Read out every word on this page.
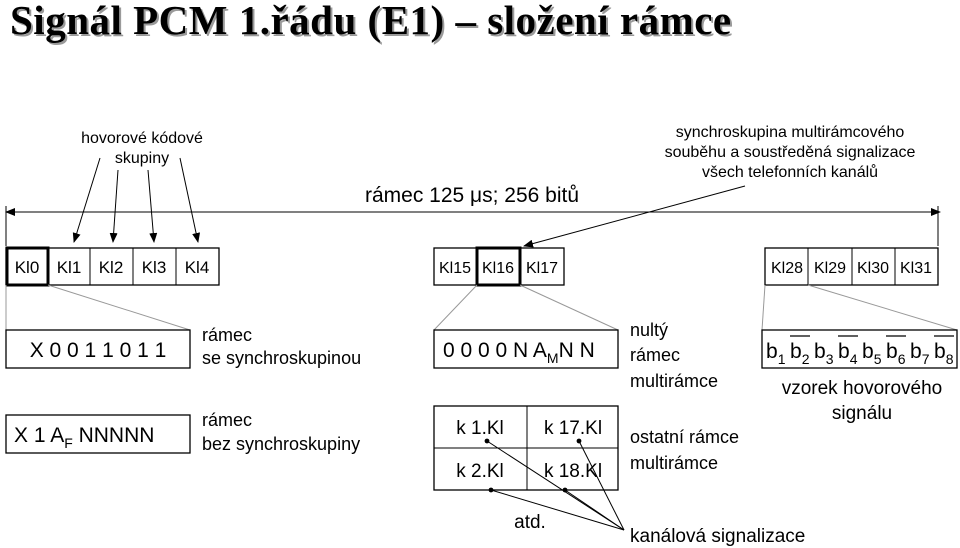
Signál PCM 1.řádu (E1) – složení rámce
hovorové kódové
skupiny
synchroskupina multirámcového
souběhu a soustředěná signalizace
všech telefonních kanálů
rámec 125 μs; 256 bitů
Kl0 Kl1 Kl2 Kl3 Kl4	Kl15 Kl16 Kl17	Kl28 Kl29 Kl30 Kl31
X 0 0 1 1 0 1 1
rámec
se synchroskupinou
X 1 $A_F$ NNNNN
rámec
bez synchroskupiny
0 0 0 0 N $A_MN$ N
nultý
rámec
multirámce
k 1.Kl k 17.Kl
k 2.Kl k 18.Kl
ostatní rámce
multirámce
atd.
kanálová signalizace
$b_1$ $b_2$ $b_3$ $b_4$ $b_5$ $b_6$ $b_7$ $b_8$
vzorek hovorového
signálu
